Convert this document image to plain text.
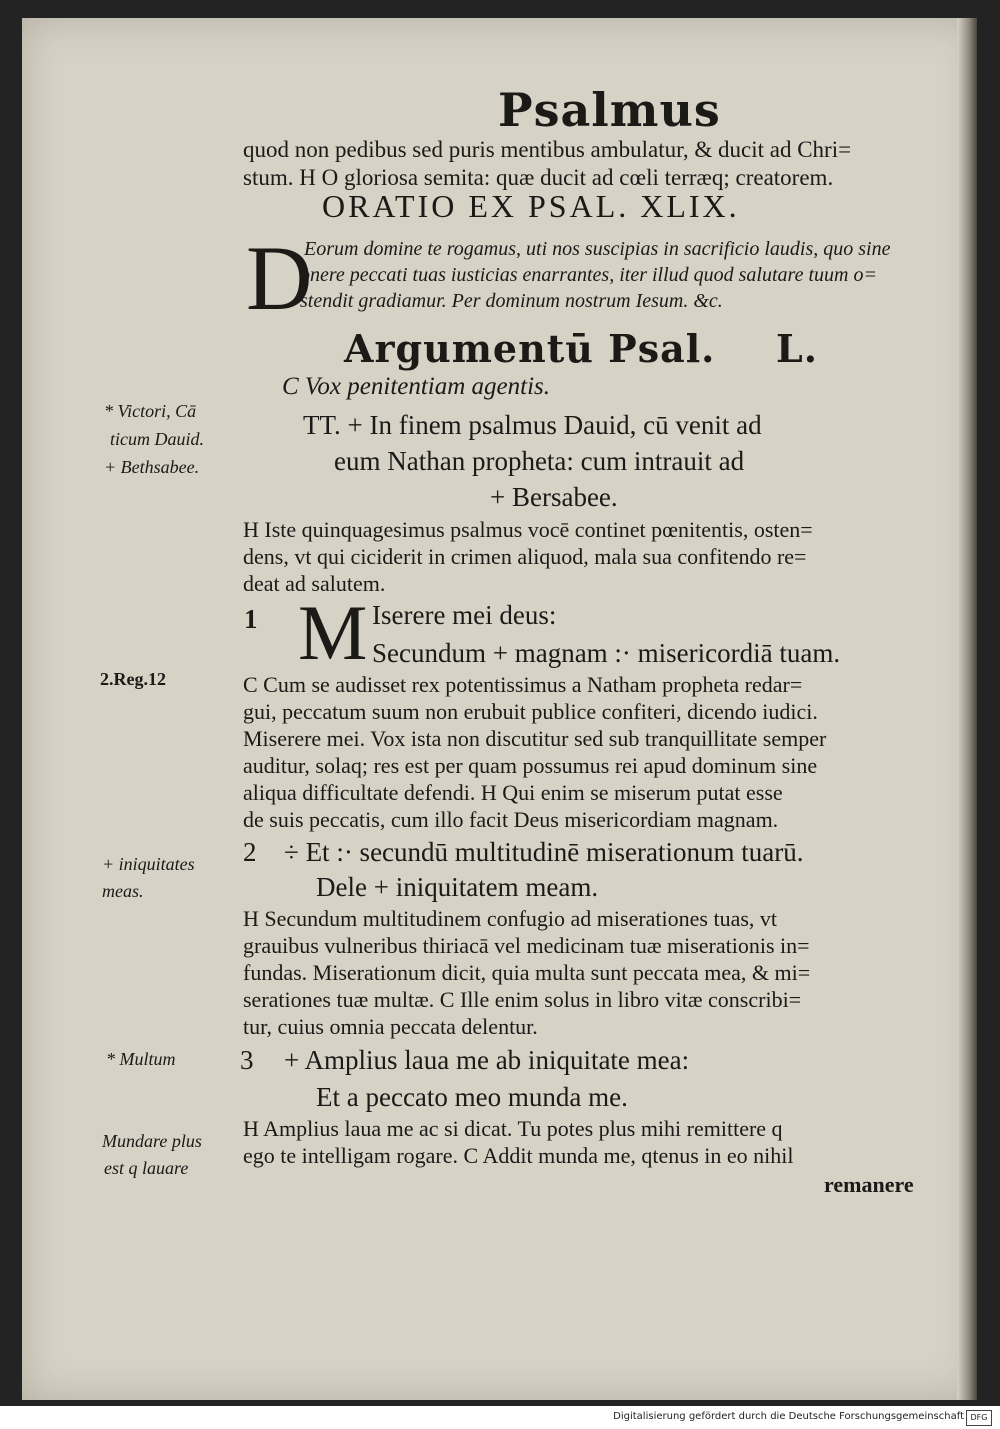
Psalmus
quod non pedibus sed puris mentibus ambulatur, & ducit ad Chri=
stum. H O gloriosa semita: quæ ducit ad cœli terræq; creatorem.
ORATIO EX PSAL. XLIX.
D
Eorum domine te rogamus, uti nos suscipias in sacrificio laudis, quo sine
onere peccati tuas iusticias enarrantes, iter illud quod salutare tuum o=
stendit gradiamur. Per dominum nostrum Iesum. &c.
Argumentū Psal. L.
C Vox penitentiam agentis.
TT. + In finem psalmus Dauid, cū venit ad
eum Nathan propheta: cum intrauit ad
+ Bersabee.
H Iste quinquagesimus psalmus vocē continet pœnitentis, osten=
dens, vt qui ciciderit in crimen aliquod, mala sua confitendo re=
deat ad salutem.
1 M Iserere mei deus:
Secundum + magnam :· misericordiā tuam.
C Cum se audisset rex potentissimus a Natham propheta redar=
gui, peccatum suum non erubuit publice confiteri, dicendo iudici.
Miserere mei. Vox ista non discutitur sed sub tranquillitate semper
auditur, solaq; res est per quam possumus rei apud dominum sine
aliqua difficultate defendi. H Qui enim se miserum putat esse
de suis peccatis, cum illo facit Deus misericordiam magnam.
2 ÷ Et :· secundū multitudinē miserationum tuarū.
Dele + iniquitatem meam.
H Secundum multitudinem confugio ad miserationes tuas, vt
grauibus vulneribus thiriacā vel medicinam tuæ miserationis in=
fundas. Miserationum dicit, quia multa sunt peccata mea, & mi=
serationes tuæ multæ. C Ille enim solus in libro vitæ conscribi=
tur, cuius omnia peccata delentur.
3 + Amplius laua me ab iniquitate mea:
Et a peccato meo munda me.
H Amplius laua me ac si dicat. Tu potes plus mihi remittere q
ego te intelligam rogare. C Addit munda me, qtenus in eo nihil
remanere
* Victori, Cā
ticum Dauid.
+ Bethsabee.
2.Reg.12
+ iniquitates
meas.
* Multum
Mundare plus
est q lauare
Digitalisierung gefördert durch die Deutsche Forschungsgemeinschaft DFG
